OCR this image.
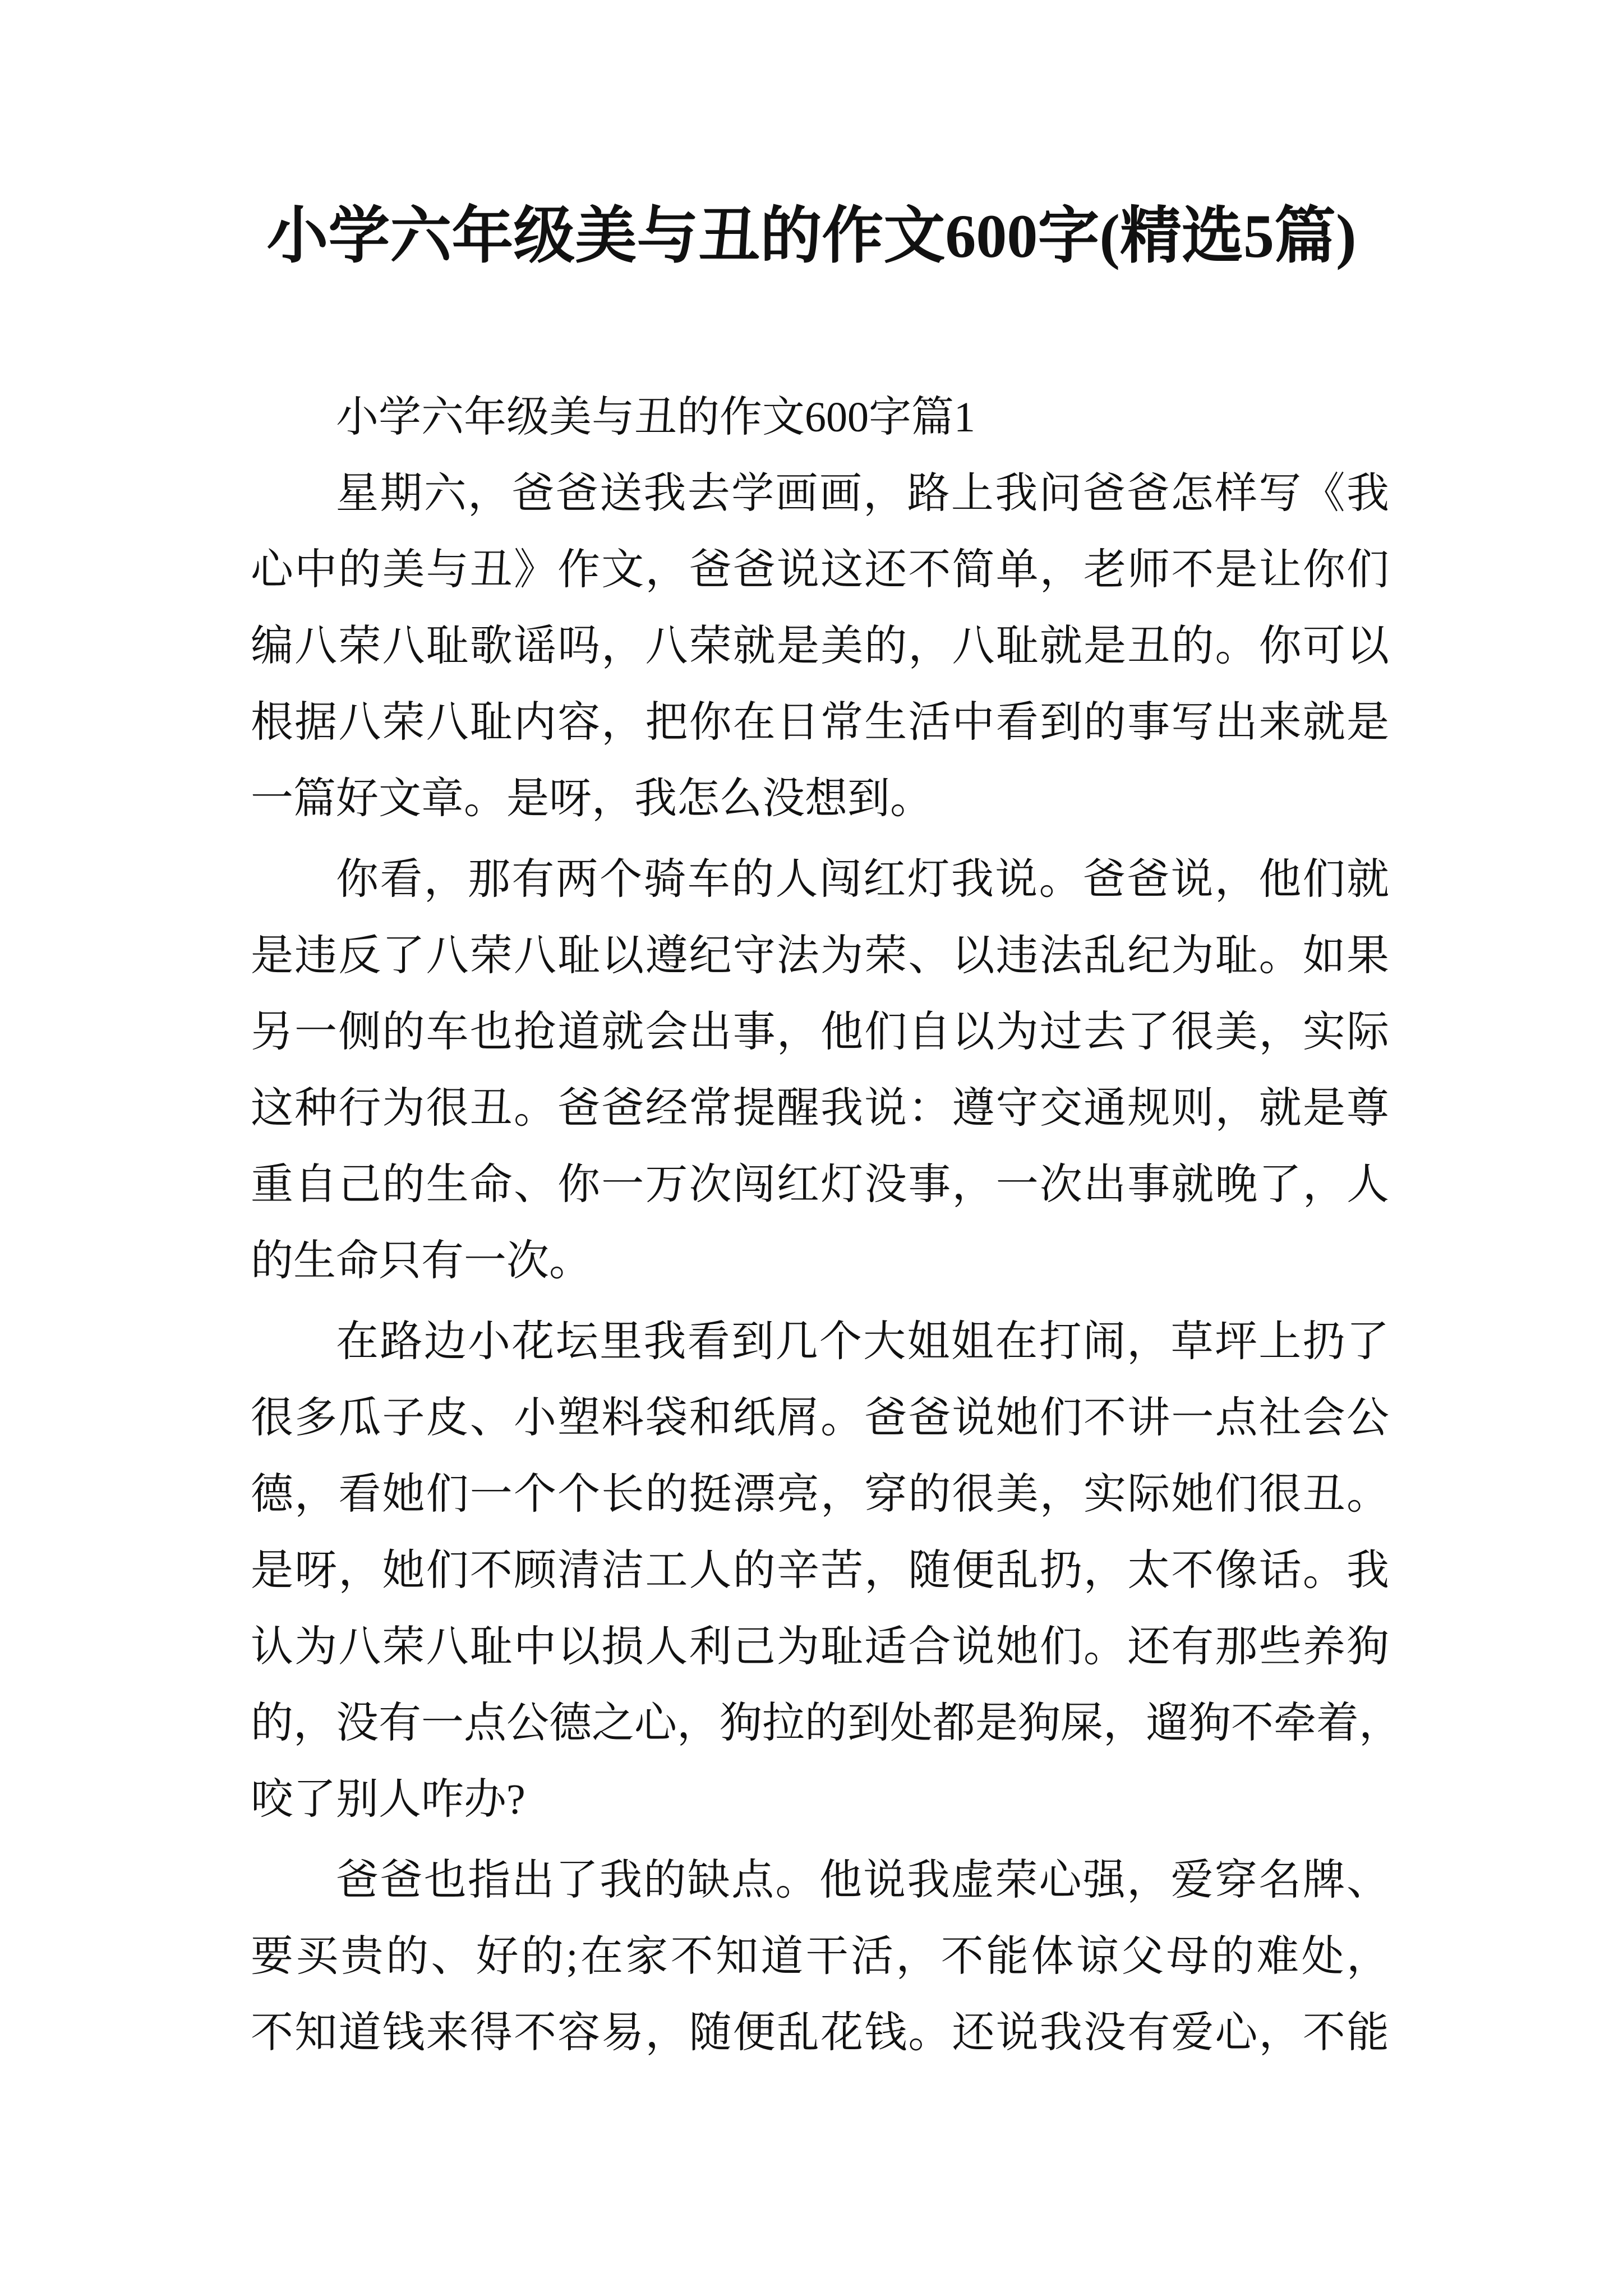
小学六年级美与丑的作文600字(精选5篇)
小学六年级美与丑的作文600字篇1
星期六，爸爸送我去学画画，路上我问爸爸怎样写《我
心中的美与丑》作文，爸爸说这还不简单，老师不是让你们
编八荣八耻歌谣吗，八荣就是美的，八耻就是丑的。你可以
根据八荣八耻内容，把你在日常生活中看到的事写出来就是
一篇好文章。是呀，我怎么没想到。
你看，那有两个骑车的人闯红灯我说。爸爸说，他们就
是违反了八荣八耻以遵纪守法为荣、以违法乱纪为耻。如果
另一侧的车也抢道就会出事，他们自以为过去了很美，实际
这种行为很丑。爸爸经常提醒我说：遵守交通规则，就是尊
重自己的生命、你一万次闯红灯没事，一次出事就晚了，人
的生命只有一次。
在路边小花坛里我看到几个大姐姐在打闹，草坪上扔了
很多瓜子皮、小塑料袋和纸屑。爸爸说她们不讲一点社会公
德，看她们一个个长的挺漂亮，穿的很美，实际她们很丑。
是呀，她们不顾清洁工人的辛苦，随便乱扔，太不像话。我
认为八荣八耻中以损人利己为耻适合说她们。还有那些养狗
的，没有一点公德之心，狗拉的到处都是狗屎，遛狗不牵着，
咬了别人咋办?
爸爸也指出了我的缺点。他说我虚荣心强，爱穿名牌、
要买贵的、好的;在家不知道干活，不能体谅父母的难处，
不知道钱来得不容易，随便乱花钱。还说我没有爱心，不能
